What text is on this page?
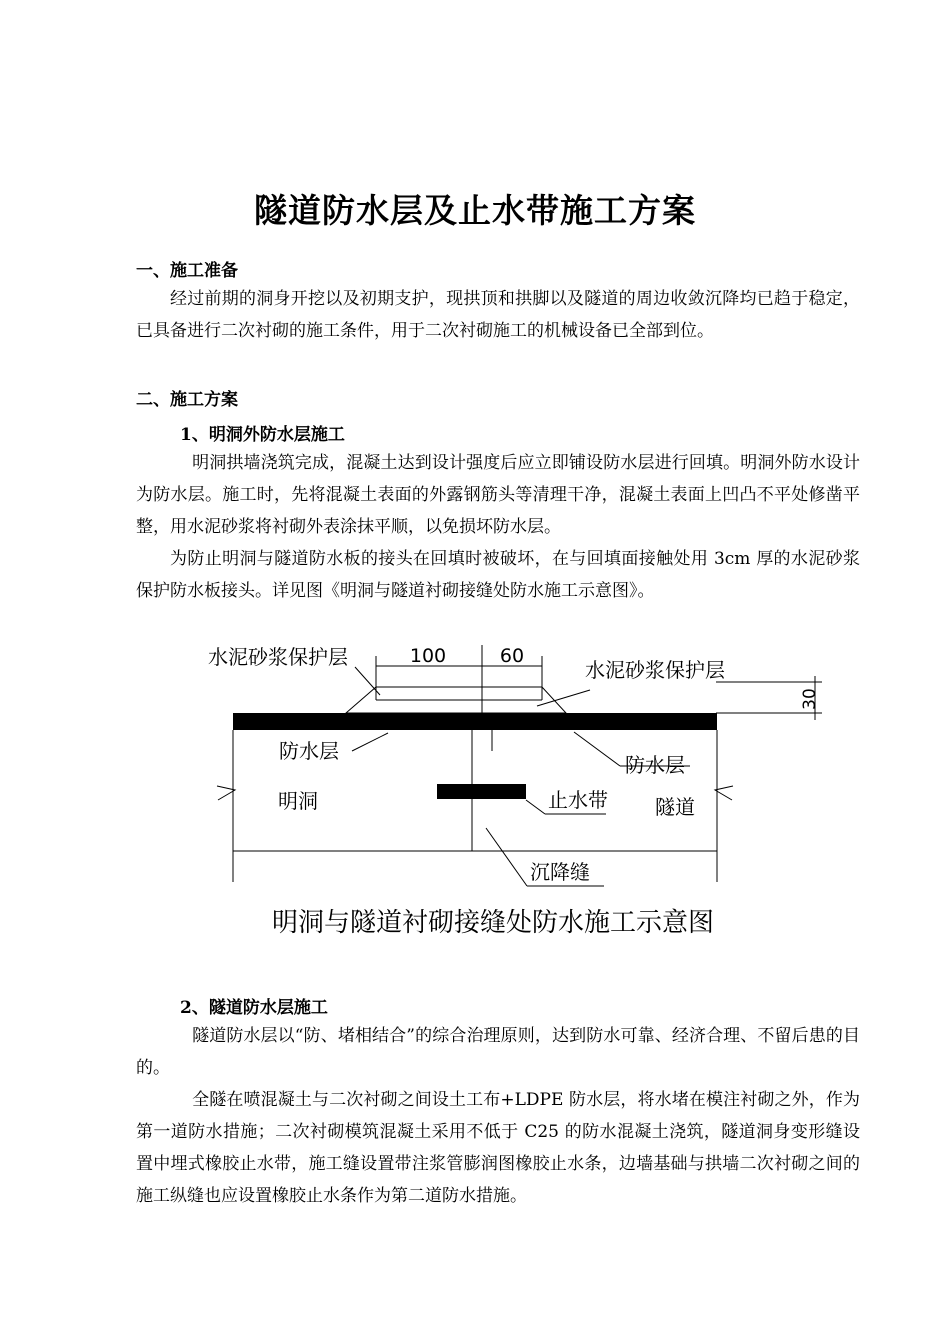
隧道防水层及止水带施工方案
一、施工准备

经过前期的洞身开挖以及初期支护，现拱顶和拱脚以及隧道的周边收敛沉降均已趋于稳定，已具备进行二次衬砌的施工条件，用于二次衬砌施工的机械设备已全部到位。

二、施工方案
1、明洞外防水层施工

明洞拱墙浇筑完成，混凝土达到设计强度后应立即铺设防水层进行回填。明洞外防水设计为防水层。施工时，先将混凝土表面的外露钢筋头等清理干净，混凝土表面上凹凸不平处修凿平整，用水泥砂浆将衬砌外表涂抹平顺，以免损坏防水层。

为防止明洞与隧道防水板的接头在回填时被破坏，在与回填面接触处用 3cm 厚的水泥砂浆保护防水板接头。详见图《明洞与隧道衬砌接缝处防水施工示意图》。

100	60
水泥砂浆保护层
水泥砂浆保护层
30
防水层
防水层
明洞	止水带 隧道
沉降缝
明洞与隧道衬砌接缝处防水施工示意图
2、隧道防水层施工

隧道防水层以“防、堵相结合”的综合治理原则，达到防水可靠、经济合理、不留后患的目的。

全隧在喷混凝土与二次衬砌之间设土工布+LDPE 防水层，将水堵在模注衬砌之外，作为第一道防水措施；二次衬砌模筑混凝土采用不低于 C25 的防水混凝土浇筑，隧道洞身变形缝设置中埋式橡胶止水带，施工缝设置带注浆管膨润图橡胶止水条，边墙基础与拱墙二次衬砌之间的施工纵缝也应设置橡胶止水条作为第二道防水措施。
